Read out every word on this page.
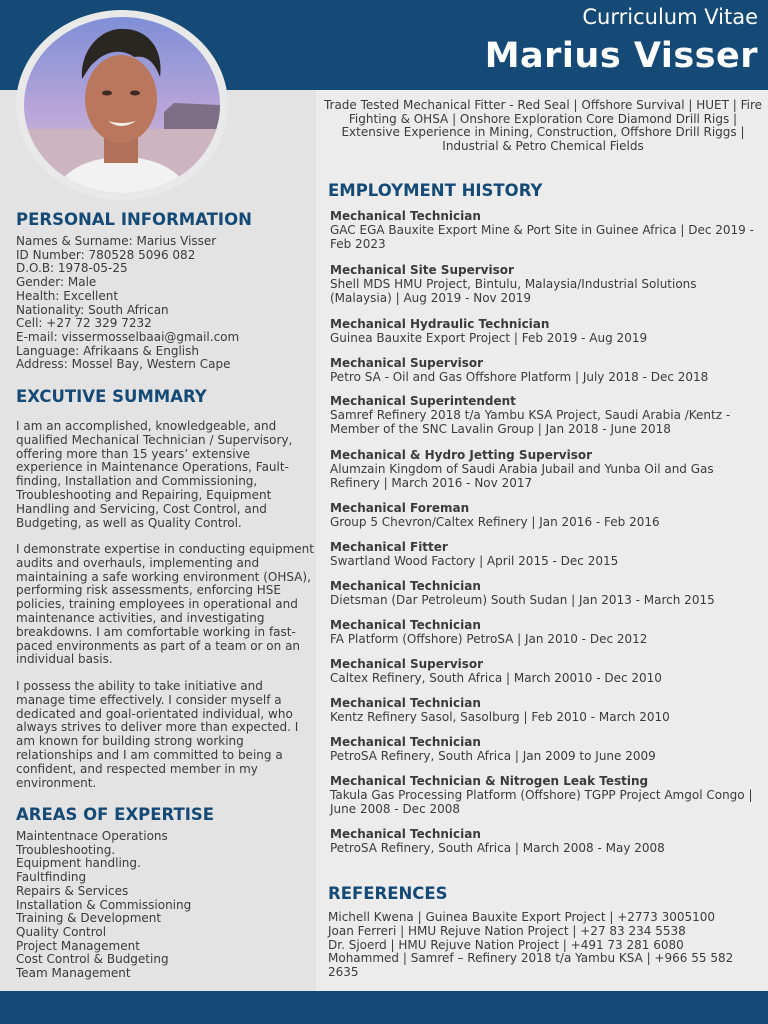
Curriculum Vitae
Marius Visser
PERSONAL INFORMATION
Names & Surname: Marius Visser
ID Number: 780528 5096 082
D.O.B: 1978-05-25
Gender: Male
Health: Excellent
Nationality: South African
Cell: +27 72 329 7232
E-mail: vissermosselbaai@gmail.com
Language: Afrikaans & English
Address: Mossel Bay, Western Cape
EXCUTIVE SUMMARY
I am an accomplished, knowledgeable, and qualified Mechanical Technician / Supervisory, offering more than 15 years’ extensive experience in Maintenance Operations, Fault-finding, Installation and Commissioning, Troubleshooting and Repairing, Equipment Handling and Servicing, Cost Control, and Budgeting, as well as Quality Control.
I demonstrate expertise in conducting equipment audits and overhauls, implementing and maintaining a safe working environment (OHSA), performing risk assessments, enforcing HSE policies, training employees in operational and maintenance activities, and investigating breakdowns. I am comfortable working in fast-paced environments as part of a team or on an individual basis.
I possess the ability to take initiative and manage time effectively. I consider myself a dedicated and goal-orientated individual, who always strives to deliver more than expected. I am known for building strong working relationships and I am committed to being a confident, and respected member in my environment.
AREAS OF EXPERTISE
Maintentnace Operations
Troubleshooting.
Equipment handling.
Faultfinding
Repairs & Services
Installation & Commissioning
Training & Development
Quality Control
Project Management
Cost Control & Budgeting
Team Management
Trade Tested Mechanical Fitter - Red Seal | Offshore Survival | HUET | Fire Fighting & OHSA | Onshore Exploration Core Diamond Drill Rigs | Extensive Experience in Mining, Construction, Offshore Drill Riggs | Industrial & Petro Chemical Fields
EMPLOYMENT HISTORY
Mechanical Technician
GAC EGA Bauxite Export Mine & Port Site in Guinee Africa | Dec 2019 - Feb 2023
Mechanical Site Supervisor
Shell MDS HMU Project, Bintulu, Malaysia/Industrial Solutions (Malaysia) | Aug 2019 - Nov 2019
Mechanical Hydraulic Technician
Guinea Bauxite Export Project | Feb 2019 - Aug 2019
Mechanical Supervisor
Petro SA - Oil and Gas Offshore Platform | July 2018 - Dec 2018
Mechanical Superintendent
Samref Refinery 2018 t/a Yambu KSA Project, Saudi Arabia /Kentz - Member of the SNC Lavalin Group | Jan 2018 - June 2018
Mechanical & Hydro Jetting Supervisor
Alumzain Kingdom of Saudi Arabia Jubail and Yunba Oil and Gas Refinery | March 2016 - Nov 2017
Mechanical Foreman
Group 5 Chevron/Caltex Refinery | Jan 2016 - Feb 2016
Mechanical Fitter
Swartland Wood Factory | April 2015 - Dec 2015
Mechanical Technician
Dietsman (Dar Petroleum) South Sudan | Jan 2013 - March 2015
Mechanical Technician
FA Platform (Offshore) PetroSA | Jan 2010 - Dec 2012
Mechanical Supervisor
Caltex Refinery, South Africa | March 20010 - Dec 2010
Mechanical Technician
Kentz Refinery Sasol, Sasolburg | Feb 2010 - March 2010
Mechanical Technician
PetroSA Refinery, South Africa | Jan 2009 to June 2009
Mechanical Technician & Nitrogen Leak Testing
Takula Gas Processing Platform (Offshore) TGPP Project Amgol Congo | June 2008 - Dec 2008
Mechanical Technician
PetroSA Refinery, South Africa | March 2008 - May 2008
REFERENCES
Michell Kwena | Guinea Bauxite Export Project | +2773 3005100
Joan Ferreri | HMU Rejuve Nation Project | +27 83 234 5538
Dr. Sjoerd | HMU Rejuve Nation Project | +491 73 281 6080
Mohammed | Samref – Refinery 2018 t/a Yambu KSA | +966 55 582 2635
